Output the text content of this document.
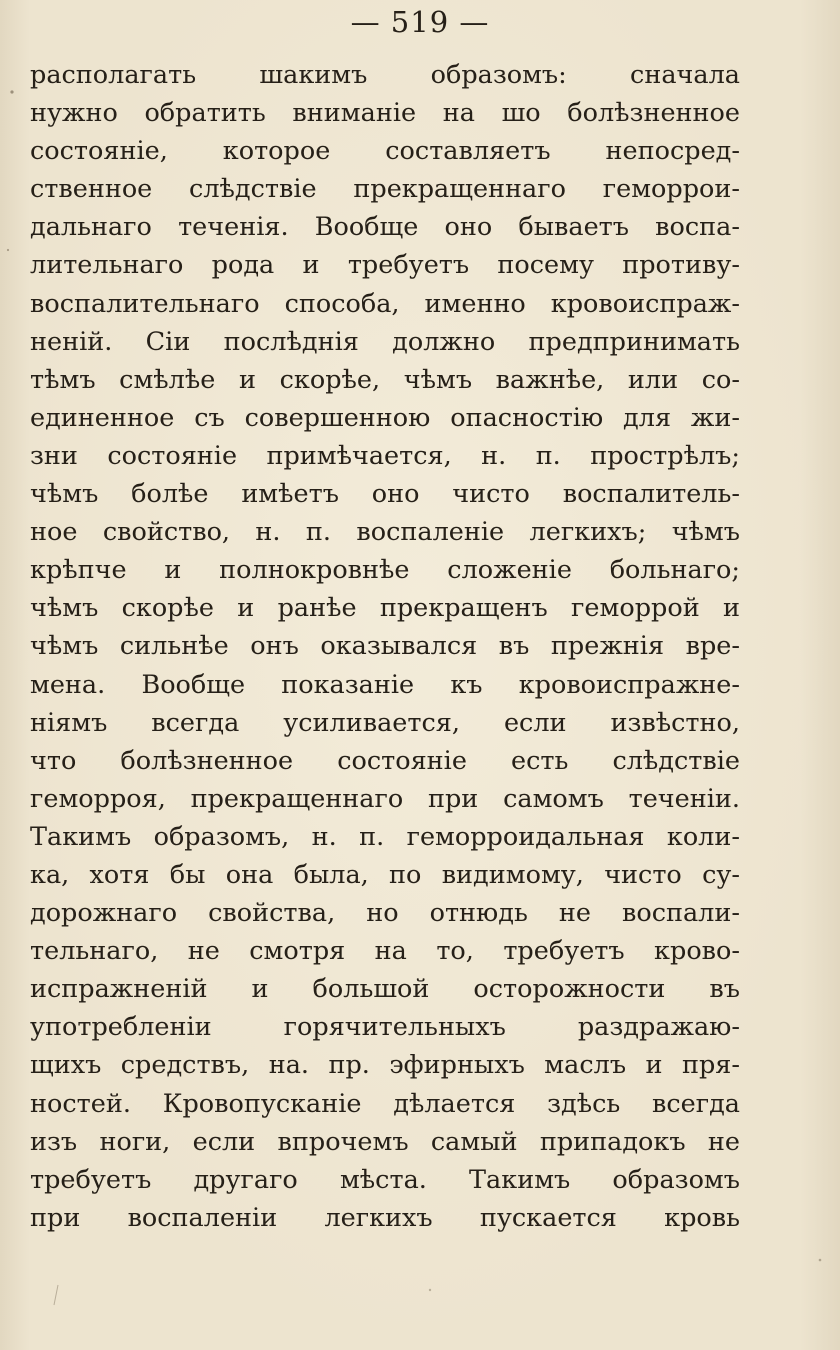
— 519 —
располагать шакимъ образомъ: сначала
нужно обратить вниманіе на шо болѣзненное
состояніе, которое составляетъ непосред-
ственное слѣдствіе прекращеннаго геморрои-
дальнаго теченія. Вообще оно бываетъ воспа-
лительнаго рода и требуетъ посему противу-
воспалительнаго способа, именно кровоиспраж-
неній. Сіи послѣднія должно предпринимать
тѣмъ смѣлѣе и скорѣе, чѣмъ важнѣе, или со-
единенное съ совершенною опасностію для жи-
зни состояніе примѣчается, н. п. прострѣлъ;
чѣмъ болѣе имѣетъ оно чисто воспалитель-
ное свойство, н. п. воспаленіе легкихъ; чѣмъ
крѣпче и полнокровнѣе сложеніе больнаго;
чѣмъ скорѣе и ранѣе прекращенъ геморрой и
чѣмъ сильнѣе онъ оказывался въ прежнія вре-
мена. Вообще показаніе къ кровоиспражне-
ніямъ всегда усиливается, если извѣстно,
что болѣзненное состояніе есть слѣдствіе
геморроя, прекращеннаго при самомъ теченіи.
Такимъ образомъ, н. п. геморроидальная коли-
ка, хотя бы она была, по видимому, чисто су-
дорожнаго свойства, но отнюдь не воспали-
тельнаго, не смотря на то, требуетъ крово-
испражненій и большой осторожности въ
употребленіи горячительныхъ раздражаю-
щихъ средствъ, на. пр. эфирныхъ маслъ и пря-
ностей. Кровопусканіе дѣлается здѣсь всегда
изъ ноги, если впрочемъ самый припадокъ не
требуетъ другаго мѣста. Такимъ образомъ
при воспаленіи легкихъ пускается кровь
